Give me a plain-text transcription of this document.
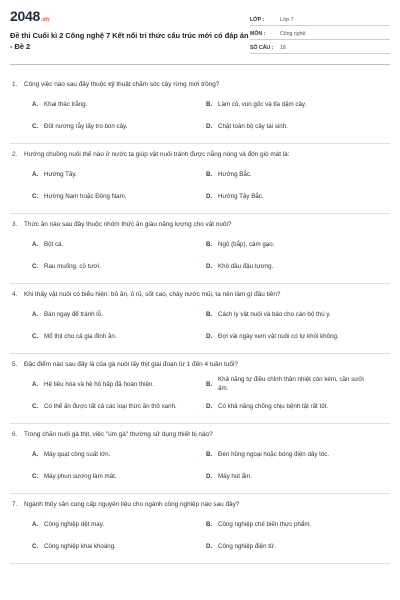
2048.vn
Đề thi Cuối kì 2 Công nghệ 7 Kết nối tri thức cấu trúc mới có đáp án - Đề 2
LỚP :	Lớp 7
MÔN :	Công nghệ
SỐ CÂU :	18
1.	Công việc nào sau đây thuộc kỹ thuật chăm sóc cây rừng mới trồng?
A. Khai thác trắng.	B. Làm cỏ, vun gốc và tỉa dặm cây.
C. Đốt nương rẫy lấy tro bón cây.	D. Chặt toàn bộ cây tái sinh.
2.	Hướng chuồng nuôi thế nào ở nước ta giúp vật nuôi tránh được nắng nóng và đón gió mát là:
A. Hướng Tây.	B. Hướng Bắc.
C. Hướng Nam hoặc Đông Nam.	D. Hướng Tây Bắc.
3.	Thức ăn nào sau đây thuộc nhóm thức ăn giàu năng lượng cho vật nuôi?
A. Bột cá.	B. Ngô (bắp), cám gạo.
C. Rau muống, cỏ tươi.	D. Khô dầu đậu tương.
4.	Khi thấy vật nuôi có biểu hiện: bỏ ăn, ủ rũ, sốt cao, chảy nước mũi, ta nên làm gì đầu tiên?
A. Bán ngay để tránh lỗ.	B. Cách ly vật nuôi và báo cho cán bộ thú y.
C. Mổ thịt cho cả gia đình ăn.	D. Đợi vài ngày xem vật nuôi có tự khỏi không.
5.	Đặc điểm nào sau đây là của gà nuôi lấy thịt giai đoạn từ 1 đến 4 tuần tuổi?
A. Hệ tiêu hóa và hệ hô hấp đã hoàn thiện.	B.
Khả năng tự điều chỉnh thân nhiệt còn kém, cần sưởi ấm.
C. Có thể ăn được tất cả các loại thức ăn thô xanh.	D. Có khả năng chống chịu bệnh tật rất tốt.
6.	Trong chăn nuôi gà thịt, việc "úm gà" thường sử dụng thiết bị nào?
A. Máy quạt công suất lớn.	B. Đèn hồng ngoại hoặc bóng điện dây tóc.
C. Máy phun sương làm mát.	D. Máy hút ẩm.
7.	Ngành thủy sản cung cấp nguyên liệu cho ngành công nghiệp nào sau đây?
A. Công nghiệp dệt may.	B. Công nghiệp chế biến thực phẩm.
C. Công nghiệp khai khoáng.	D. Công nghiệp điện tử.
